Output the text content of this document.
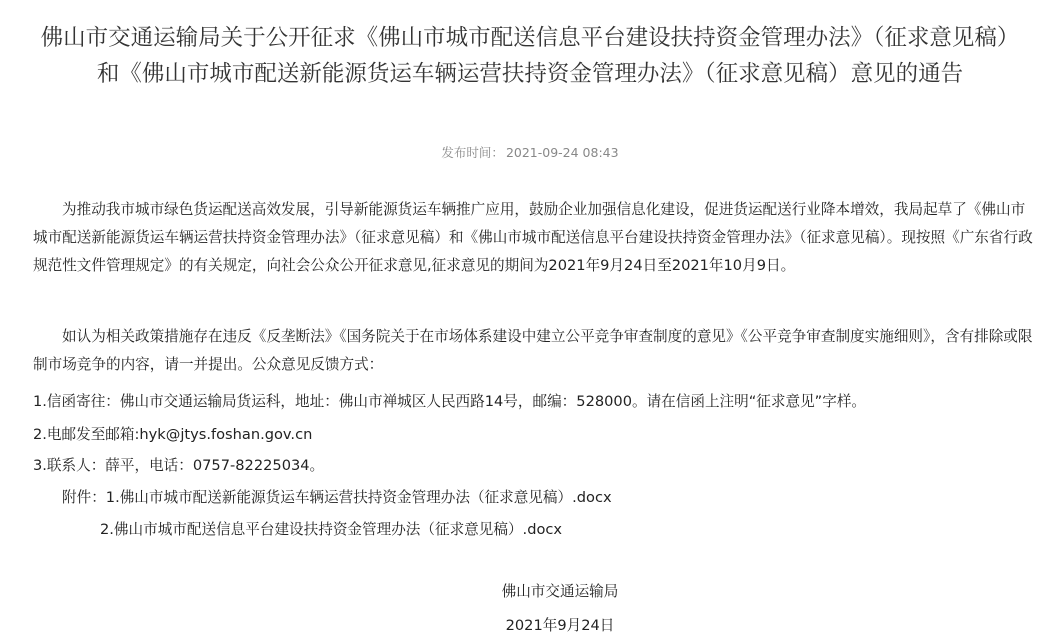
佛山市交通运输局关于公开征求《佛山市城市配送信息平台建设扶持资金管理办法》（征求意见稿）和《佛山市城市配送新能源货运车辆运营扶持资金管理办法》（征求意见稿）意见的通告
发布时间： 2021-09-24 08:43

为推动我市城市绿色货运配送高效发展，引导新能源货运车辆推广应用，鼓励企业加强信息化建设，促进货运配送行业降本增效，我局起草了《佛山市城市配送新能源货运车辆运营扶持资金管理办法》（征求意见稿）和《佛山市城市配送信息平台建设扶持资金管理办法》（征求意见稿）。现按照《广东省行政规范性文件管理规定》的有关规定，向社会公众公开征求意见,征求意见的期间为2021年9月24日至2021年10月9日。

如认为相关政策措施存在违反《反垄断法》《国务院关于在市场体系建设中建立公平竞争审查制度的意见》《公平竞争审查制度实施细则》，含有排除或限制市场竞争的内容，请一并提出。公众意见反馈方式：

1.信函寄往：佛山市交通运输局货运科，地址：佛山市禅城区人民西路14号，邮编：528000。请在信函上注明“征求意见”字样。

2.电邮发至邮箱:hyk@jtys.foshan.gov.cn

3.联系人：薛平，电话：0757-82225034。

附件：1.佛山市城市配送新能源货运车辆运营扶持资金管理办法（征求意见稿）.docx

2.佛山市城市配送信息平台建设扶持资金管理办法（征求意见稿）.docx

佛山市交通运输局
2021年9月24日
